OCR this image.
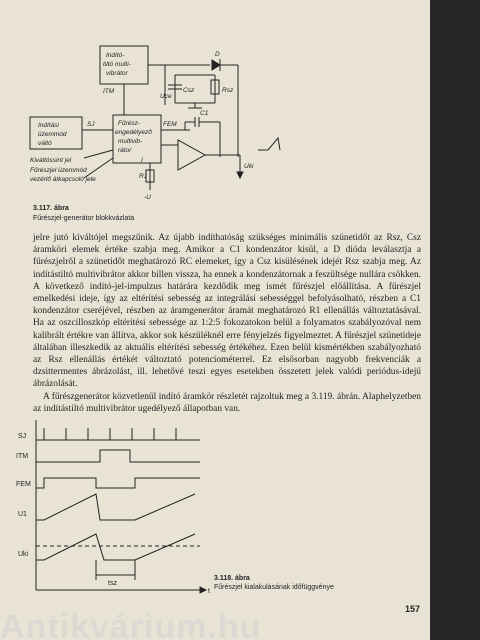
Indító-
tiltó multi-
vibrátor
Indítási
üzemmód
váltó
Fűrész-
engedélyező
multivib-
rátor
ITM
SJ	FEM
D
Uce
Csz	Rsz
C1
R1
I
Uki
-U
Kiváltóssint jel
Fűrészjel üzemmód
vezérlő átkapcsoló jele
3.117. ábra
Fűrészjel-generátor blokkvázlata

jelre jutó kiváltójel megszűnik. Az újabb indíthatóság szükséges minimális szünetidőt az Rsz, Csz áramköri elemek értéke szabja meg. Amikor a C1 kondenzátor kisül, a D dióda leválasztja a fűrészjelről a szünetidőt meghatározó RC elemeket, így a Csz kisülésének idejét Rsz szabja meg. Az indítástiltó multivibrátor akkor billen vissza, ha ennek a kondenzátornak a feszültsége nullára csökken. A következő indító-jel-impulzus határára kezdődik meg ismét fűrészjel előállítása. A fűrészjel emelkedési ideje, így az eltérítési sebesség az integrálási sebességgel befolyásolható, részben a C1 kondenzátor cseréjével, részben az áramgenerátor áramát meghatározó R1 ellenállás változtatásával. Ha az oszcilloszkóp eltérítési sebessége az 1:2:5 fokozatokon belül a folyamatos szabályozóval nem kalibrált értékre van állítva, akkor sok készüléknél erre fényjelzés figyelmeztet. A fűrészjel szünetideje általában illeszkedik az aktuális eltérítési sebesség értékéhez. Ezen belül kismértékben szabályozható az Rsz ellenállás értékét változtató potenciométerrel. Ez elsősorban nagyobb frekvenciák a dzsittermentes ábrázolást, ill. lehetővé teszi egyes esetekben összetett jelek valódi periódus-idejű ábrázolását.

A fűrészgenerátor közvetlenül indító áramkör részletét rajzoltuk meg a 3.119. ábrán. Alaphelyzetben az indítástiltó multivibrátor ugedélyező állapotban van.

SJ
ITM
FEM
U1
Uki
t
tsz
3.118. ábra
Fűrészjel kialakulásának időfüggvénye
157
Antikvárium.hu
